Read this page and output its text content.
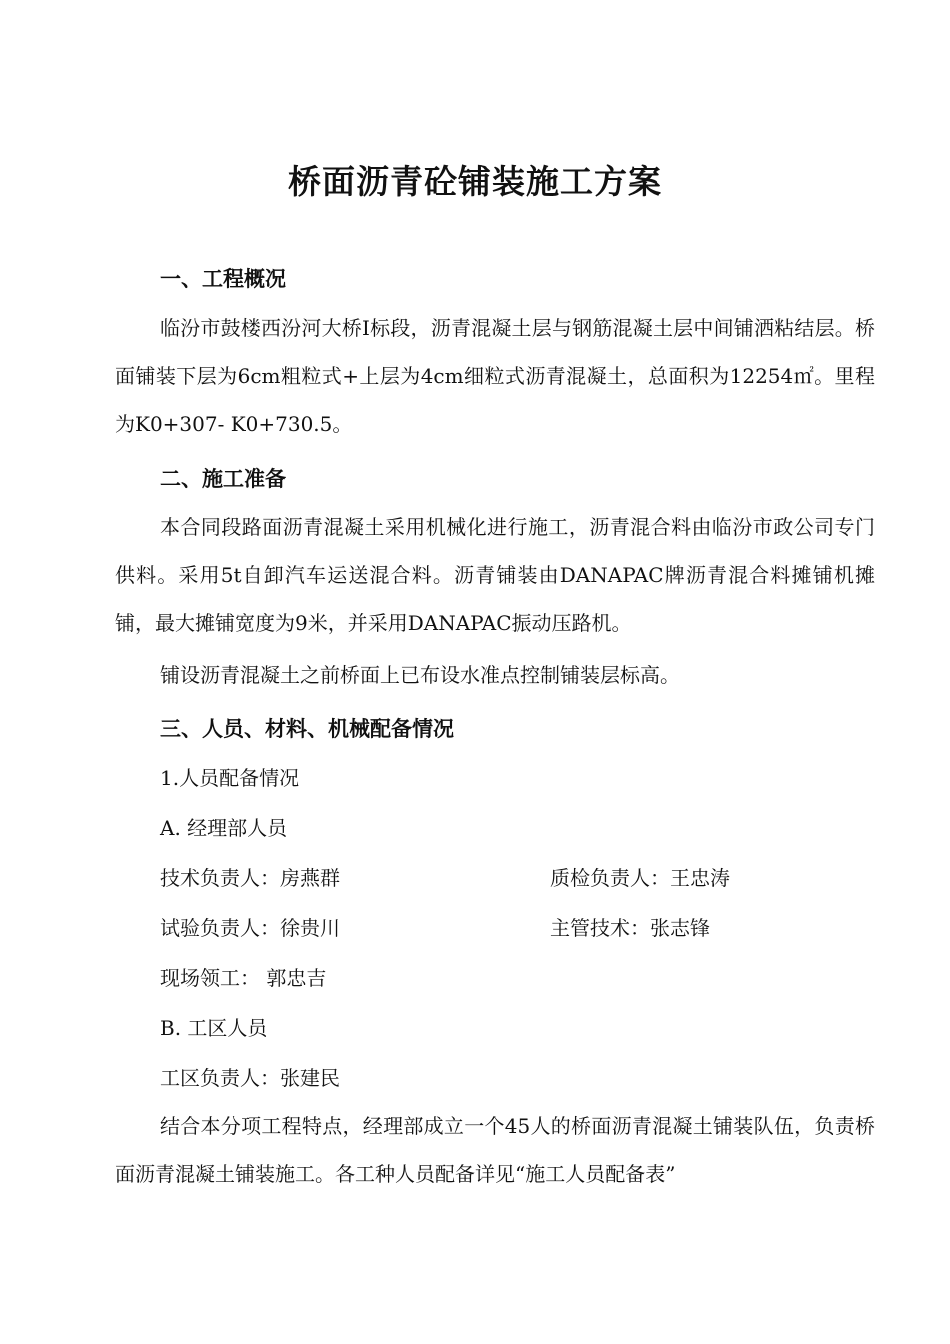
桥面沥青砼铺装施工方案
一、工程概况
临汾市鼓楼西汾河大桥Ⅰ标段，沥青混凝土层与钢筋混凝土层中间铺洒粘结层。桥面铺装下层为6cm粗粒式+上层为4cm细粒式沥青混凝土，总面积为12254㎡。里程为K0+307- K0+730.5。
二、施工准备
本合同段路面沥青混凝土采用机械化进行施工，沥青混合料由临汾市政公司专门供料。采用5t自卸汽车运送混合料。沥青铺装由DANAPAC牌沥青混合料摊铺机摊铺，最大摊铺宽度为9米，并采用DANAPAC振动压路机。
铺设沥青混凝土之前桥面上已布设水准点控制铺装层标高。
三、人员、材料、机械配备情况
1.人员配备情况
A. 经理部人员
技术负责人：房燕群	质检负责人：王忠涛
试验负责人：徐贵川	主管技术：张志锋
现场领工： 郭忠吉
B. 工区人员
工区负责人：张建民
结合本分项工程特点，经理部成立一个45人的桥面沥青混凝土铺装队伍，负责桥面沥青混凝土铺装施工。各工种人员配备详见“施工人员配备表”
